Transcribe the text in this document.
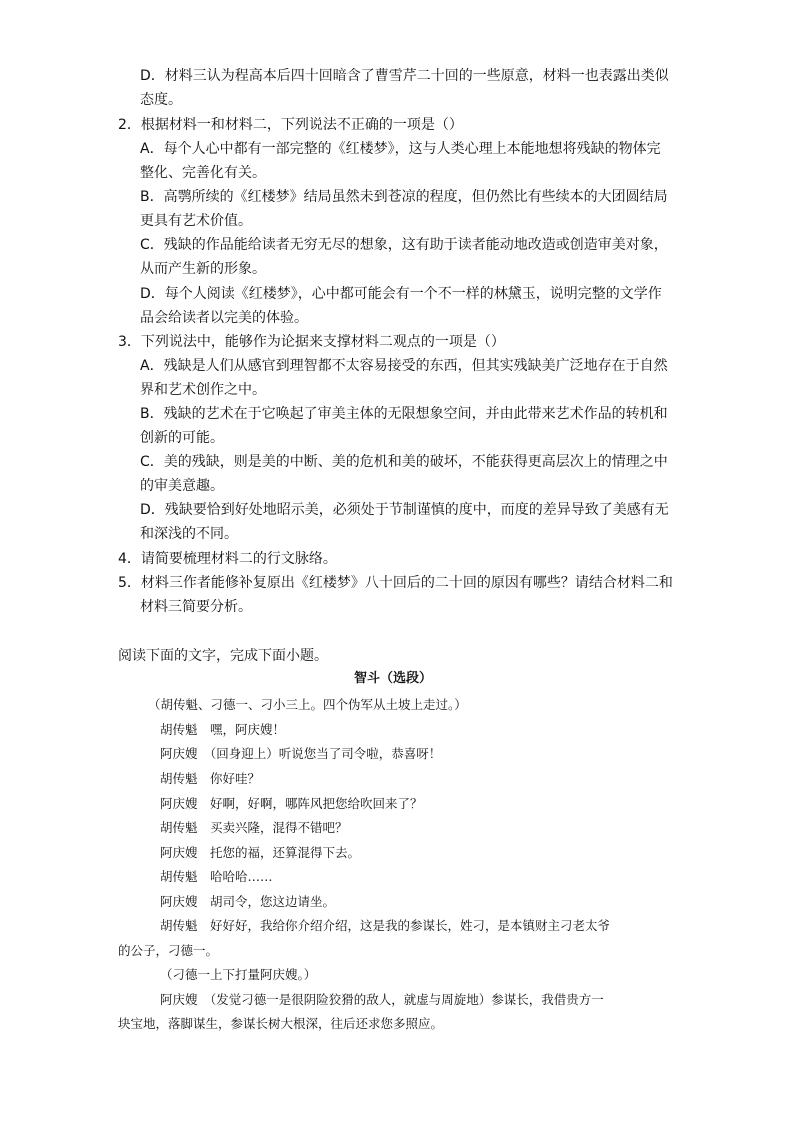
D．材料三认为程高本后四十回暗含了曹雪芹二十回的一些原意，材料一也表露出类似
态度。
2．根据材料一和材料二，下列说法不正确的一项是（）
A．每个人心中都有一部完整的《红楼梦》，这与人类心理上本能地想将残缺的物体完
整化、完善化有关。
B．高鹗所续的《红楼梦》结局虽然未到苍凉的程度，但仍然比有些续本的大团圆结局
更具有艺术价值。
C．残缺的作品能给读者无穷无尽的想象，这有助于读者能动地改造或创造审美对象，
从而产生新的形象。
D．每个人阅读《红楼梦》，心中都可能会有一个不一样的林黛玉，说明完整的文学作
品会给读者以完美的体验。
3．下列说法中，能够作为论据来支撑材料二观点的一项是（）
A．残缺是人们从感官到理智都不太容易接受的东西，但其实残缺美广泛地存在于自然
界和艺术创作之中。
B．残缺的艺术在于它唤起了审美主体的无限想象空间，并由此带来艺术作品的转机和
创新的可能。
C．美的残缺，则是美的中断、美的危机和美的破坏，不能获得更高层次上的情理之中
的审美意趣。
D．残缺要恰到好处地昭示美，必须处于节制谨慎的度中，而度的差异导致了美感有无
和深浅的不同。
4．请简要梳理材料二的行文脉络。
5．材料三作者能修补复原出《红楼梦》八十回后的二十回的原因有哪些？请结合材料二和
材料三简要分析。
阅读下面的文字，完成下面小题。
智斗（选段）
（胡传魁、刁德一、刁小三上。四个伪军从土坡上走过。）
胡传魁　嘿，阿庆嫂！
阿庆嫂　（回身迎上）听说您当了司令啦，恭喜呀！
胡传魁　你好哇？
阿庆嫂　好啊，好啊，哪阵风把您给吹回来了？
胡传魁　买卖兴隆，混得不错吧？
阿庆嫂　托您的福，还算混得下去。
胡传魁　哈哈哈……
阿庆嫂　胡司令，您这边请坐。
胡传魁　好好好，我给你介绍介绍，这是我的参谋长，姓刁，是本镇财主刁老太爷
的公子，刁德一。
（刁德一上下打量阿庆嫂。）
阿庆嫂　（发觉刁德一是很阴险狡猾的敌人，就虚与周旋地）参谋长，我借贵方一
块宝地，落脚谋生，参谋长树大根深，往后还求您多照应。
